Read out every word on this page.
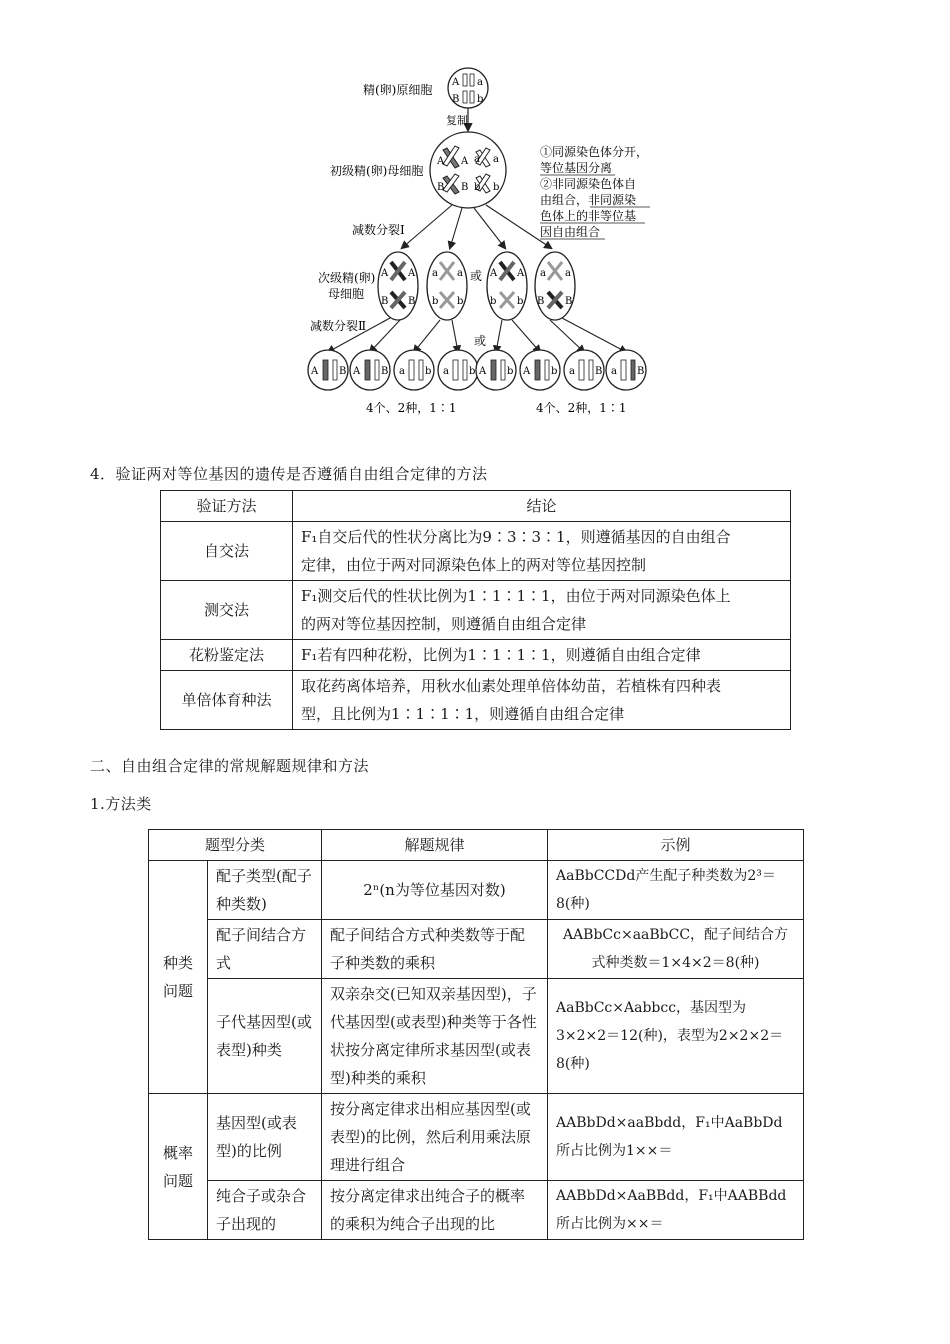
A
B
a
b
精(卵)原细胞
复制
A A
B B
a a
b b
初级精(卵)母细胞
①同源染色体分开，
等位基因分离
②非同源染色体自
由组合，非同源染
色体上的非等位基
因自由组合
减数分裂Ⅰ
A A
B B
a a
b b
A A
b b
a a
B B
或
次级精(卵)
母细胞
减数分裂Ⅱ
或
A B A B a b a b A b A b a B a B
4个、2种，1∶1	4个、2种，1∶1
4．验证两对等位基因的遗传是否遵循自由组合定律的方法
验证方法	结论
自交法	F₁自交后代的性状分离比为9∶3∶3∶1，则遵循基因的自由组合
定律，由位于两对同源染色体上的两对等位基因控制

测交法	F₁测交后代的性状比例为1∶1∶1∶1，由位于两对同源染色体上
的两对等位基因控制，则遵循自由组合定律

花粉鉴定法	F₁若有四种花粉，比例为1∶1∶1∶1，则遵循自由组合定律
单倍体育种法	取花药离体培养，用秋水仙素处理单倍体幼苗，若植株有四种表
型，且比例为1∶1∶1∶1，则遵循自由组合定律
二、自由组合定律的常规解题规律和方法
1.方法类
题型分类		解题规律	示例
种类问题	配子类型(配子种类数)	2ⁿ(n为等位基因对数)	AaBbCCDd产生配子种类数为2³＝8(种)
	配子间结合方式	配子间结合方式种类数等于配子种类数的乘积	AABbCc×aaBbCC，配子间结合方式种类数＝1×4×2＝8(种)
	子代基因型(或表型)种类	双亲杂交(已知双亲基因型)，子代基因型(或表型)种类等于各性状按分离定律所求基因型(或表型)种类的乘积	AaBbCc×Aabbcc，基因型为3×2×2＝12(种)，表型为2×2×2＝8(种)
概率问题	基因型(或表型)的比例	按分离定律求出相应基因型(或表型)的比例，然后利用乘法原理进行组合	AABbDd×aaBbdd，F₁中AaBbDd所占比例为1××＝
	纯合子或杂合子出现的	按分离定律求出纯合子的概率的乘积为纯合子出现的比	AABbDd×AaBBdd，F₁中AABBdd所占比例为××＝
